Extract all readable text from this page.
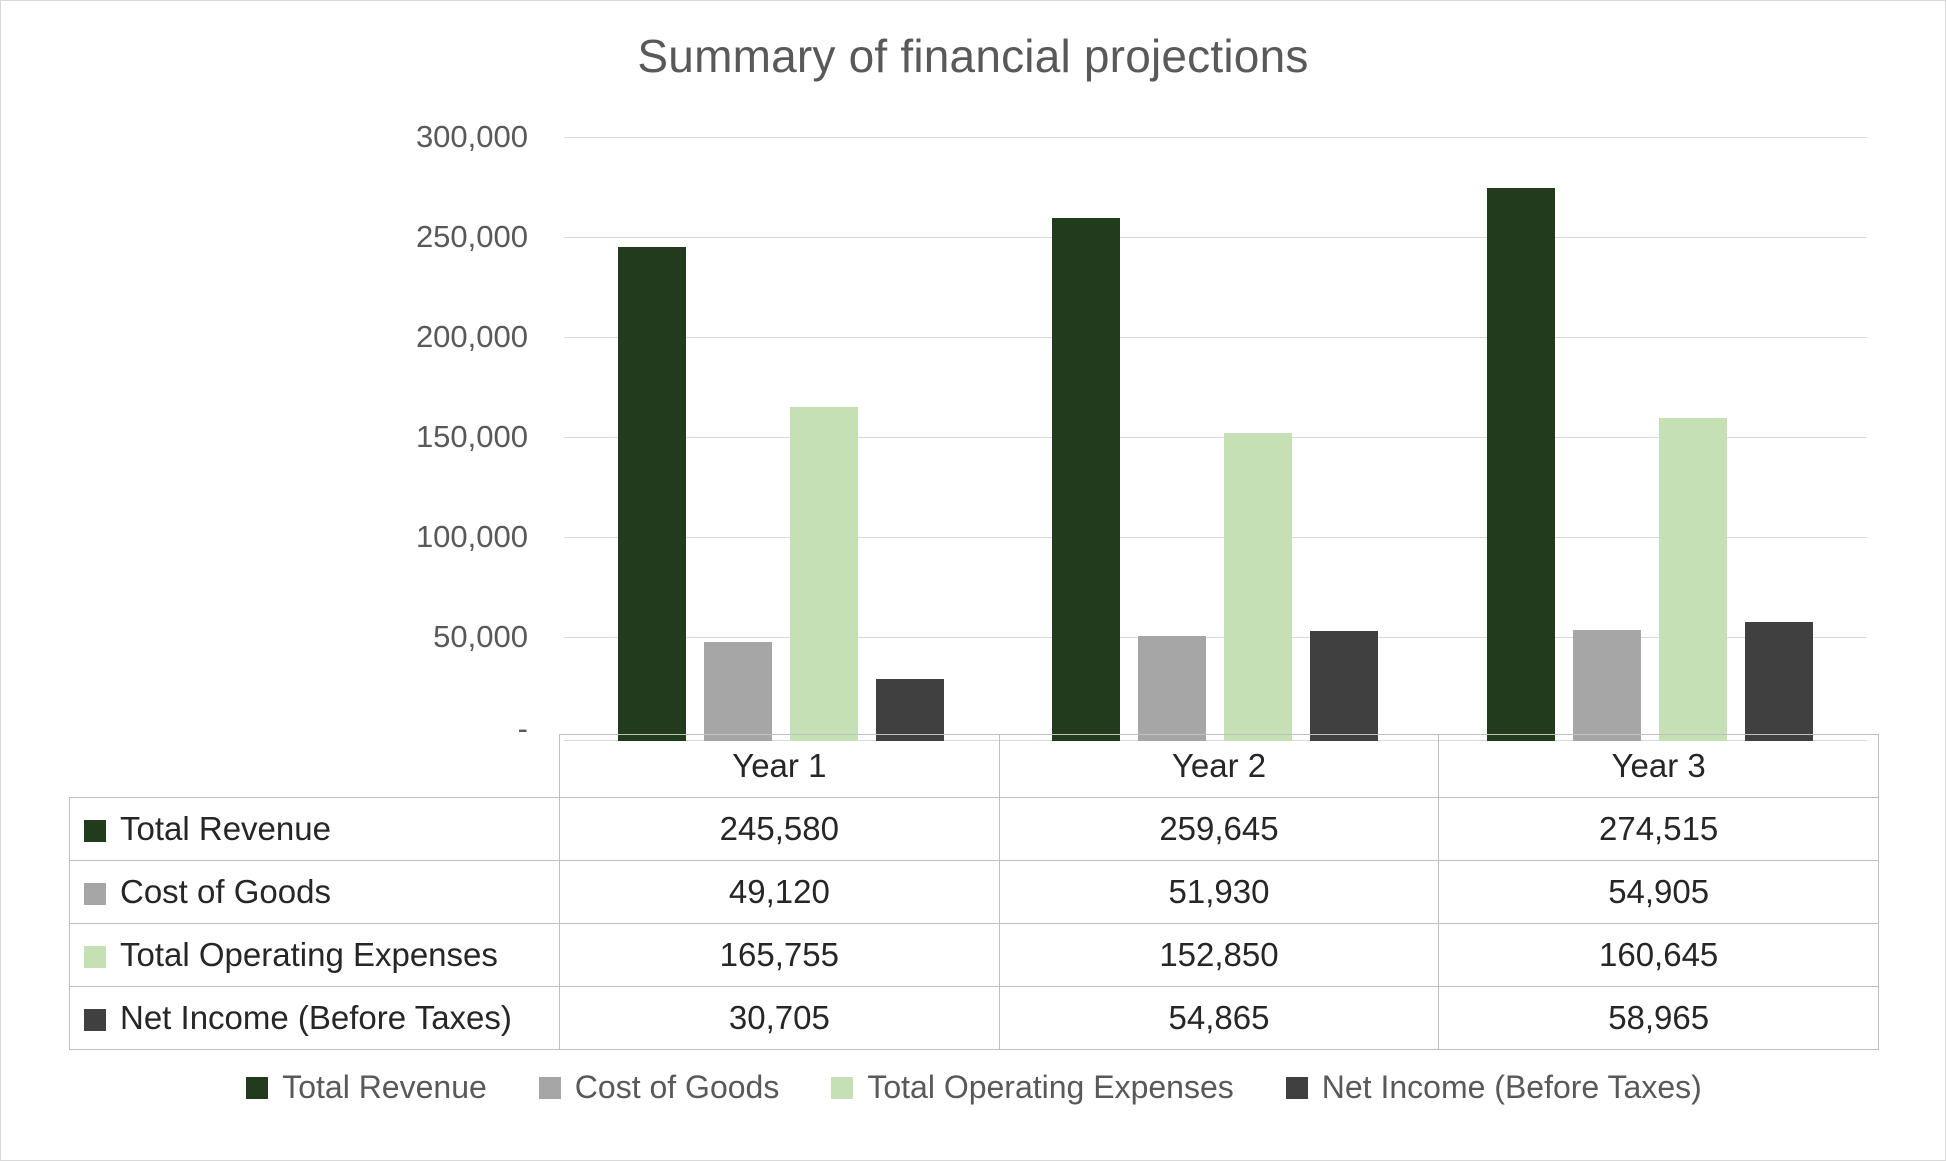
Summary of financial projections
300,000
250,000
200,000
150,000
100,000
50,000
-
	Year 1	Year 2	Year 3
Total Revenue	245,580	259,645	274,515
Cost of Goods	49,120	51,930	54,905
Total Operating Expenses	165,755	152,850	160,645
Net Income (Before Taxes)	30,705	54,865	58,965
Total Revenue	Cost of Goods	Total Operating Expenses	Net Income (Before Taxes)
